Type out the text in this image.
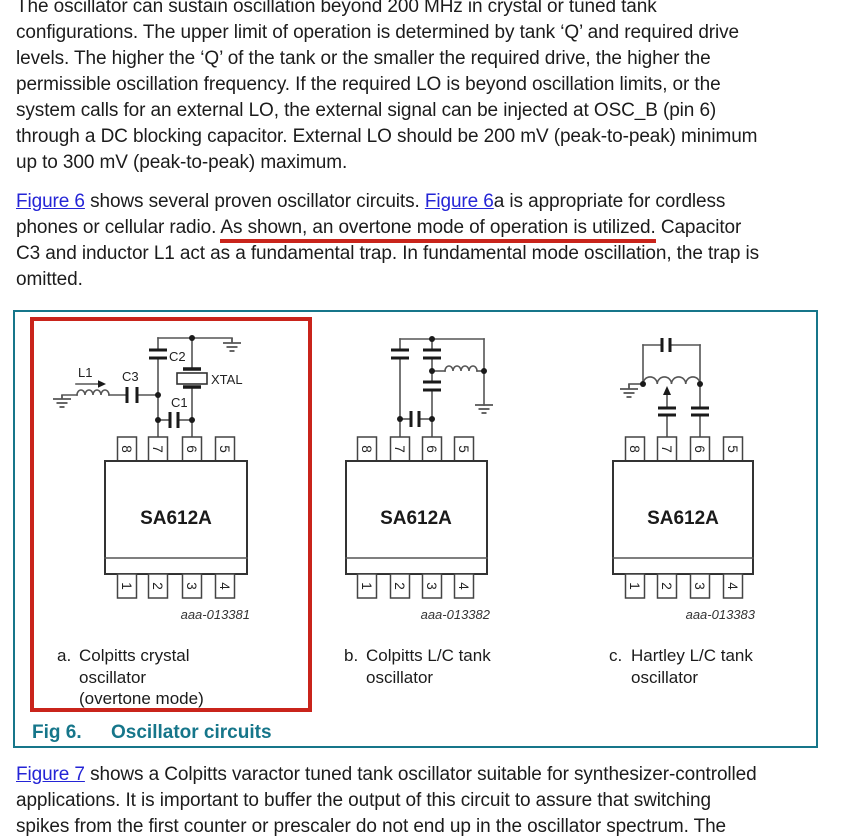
The oscillator can sustain oscillation beyond 200 MHz in crystal or tuned tank
configurations. The upper limit of operation is determined by tank ‘Q’ and required drive
levels. The higher the ‘Q’ of the tank or the smaller the required drive, the higher the
permissible oscillation frequency. If the required LO is beyond oscillation limits, or the
system calls for an external LO, the external signal can be injected at OSC_B (pin 6)
through a DC blocking capacitor. External LO should be 200 mV (peak-to-peak) minimum
up to 300 mV (peak-to-peak) maximum.
Figure 6 shows several proven oscillator circuits. Figure 6a is appropriate for cordless
phones or cellular radio. As shown, an overtone mode of operation is utilized. Capacitor
C3 and inductor L1 act as a fundamental trap. In fundamental mode oscillation, the trap is
omitted.
Figure 7 shows a Colpitts varactor tuned tank oscillator suitable for synthesizer-controlled
applications. It is important to buffer the output of this circuit to assure that switching
spikes from the first counter or prescaler do not end up in the oscillator spectrum. The
L1 C3
C2
C1
XTAL
8 7 6 5
SA612A
1 2 3 4
aaa-013381
8 7 6 5
SA612A
1 2 3 4
aaa-013382
8 7 6 5
SA612A
1 2 3 4
aaa-013383
a. Colpitts crystal
oscillator
(overtone mode)
b. Colpitts L/C tank
oscillator
c. Hartley L/C tank
oscillator
Fig 6.	Oscillator circuits
